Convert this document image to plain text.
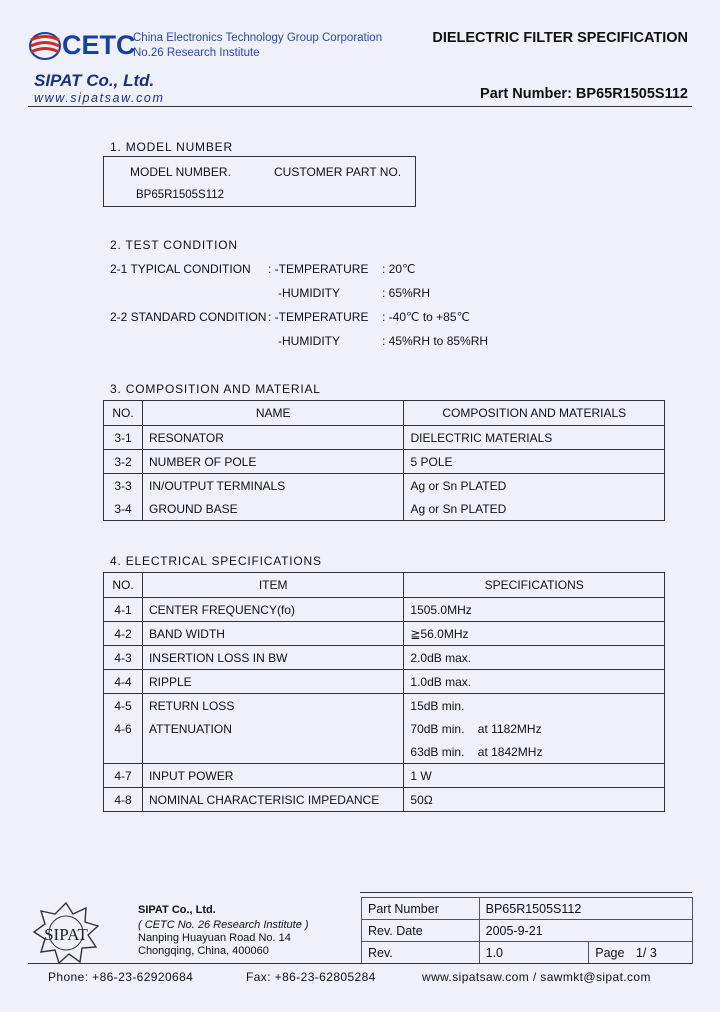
CETC
China Electronics Technology Group Corporation
No.26 Research Institute
DIELECTRIC FILTER SPECIFICATION
SIPAT Co., Ltd.
www.sipatsaw.com	Part Number: BP65R1505S112
1. MODEL NUMBER
MODEL NUMBER.	CUSTOMER PART NO.
BP65R1505S112
2. TEST CONDITION
2-1 TYPICAL CONDITION : -TEMPERATURE : 20℃
-HUMIDITY	: 65%RH
2-2 STANDARD CONDITION : -TEMPERATURE : -40℃ to +85℃
-HUMIDITY	: 45%RH to 85%RH
3. COMPOSITION AND MATERIAL
NO.	NAME	COMPOSITION AND MATERIALS
3-1	RESONATOR	DIELECTRIC MATERIALS
3-2	NUMBER OF POLE	5 POLE
3-3	IN/OUTPUT TERMINALS	Ag or Sn PLATED
3-4	GROUND BASE	Ag or Sn PLATED
4. ELECTRICAL SPECIFICATIONS
NO.	ITEM	SPECIFICATIONS
4-1	CENTER FREQUENCY(fo)	1505.0MHz
4-2	BAND WIDTH	≧56.0MHz
4-3	INSERTION LOSS IN BW	2.0dB max.
4-4	RIPPLE	1.0dB max.
4-5	RETURN LOSS	15dB min.
4-6	ATTENUATION	70dB min.    at 1182MHz
		63dB min.    at 1842MHz
4-7	INPUT POWER	1 W
4-8	NOMINAL CHARACTERISIC IMPEDANCE	50Ω
SIPAT
SIPAT Co., Ltd.
( CETC No. 26 Research Institute )
Nanping Huayuan Road No. 14
Chongqing, China, 400060
Part Number	BP65R1505S112	
Rev. Date	2005-9-21	
Rev.	1.0	Page 1/ 3
Phone: +86-23-62920684	Fax: +86-23-62805284	www.sipatsaw.com / sawmkt@sipat.com
